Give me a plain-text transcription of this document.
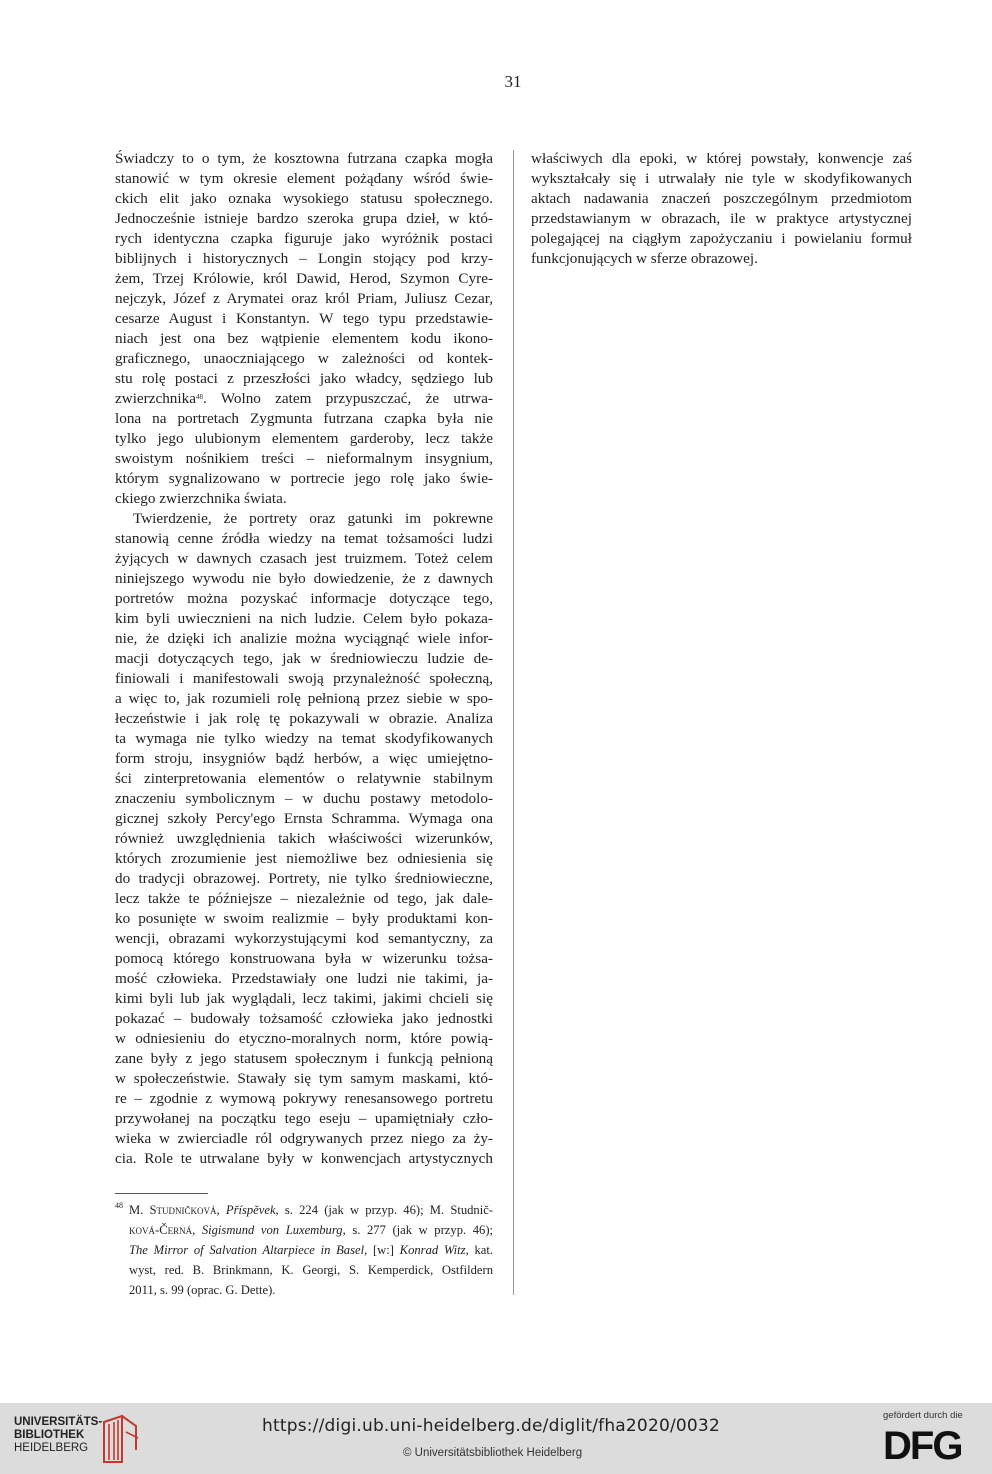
31
Świadczy to o tym, że kosztowna futrzana czapka mogła
stanowić w tym okresie element pożądany wśród świe-
ckich elit jako oznaka wysokiego statusu społecznego.
Jednocześnie istnieje bardzo szeroka grupa dzieł, w któ-
rych identyczna czapka figuruje jako wyróżnik postaci
biblijnych i historycznych – Longin stojący pod krzy-
żem, Trzej Królowie, król Dawid, Herod, Szymon Cyre-
nejczyk, Józef z Arymatei oraz król Priam, Juliusz Cezar,
cesarze August i Konstantyn. W tego typu przedstawie-
niach jest ona bez wątpienie elementem kodu ikono-
graficznego, unaoczniającego w zależności od kontek-
stu rolę postaci z przeszłości jako władcy, sędziego lub
zwierzchnika$^{48}$. Wolno zatem przypuszczać, że utrwa-
lona na portretach Zygmunta futrzana czapka była nie
tylko jego ulubionym elementem garderoby, lecz także
swoistym nośnikiem treści – nieformalnym insygnium,
którym sygnalizowano w portrecie jego rolę jako świe-
ckiego zwierzchnika świata.
Twierdzenie, że portrety oraz gatunki im pokrewne
stanowią cenne źródła wiedzy na temat tożsamości ludzi
żyjących w dawnych czasach jest truizmem. Toteż celem
niniejszego wywodu nie było dowiedzenie, że z dawnych
portretów można pozyskać informacje dotyczące tego,
kim byli uwiecznieni na nich ludzie. Celem było pokaza-
nie, że dzięki ich analizie można wyciągnąć wiele infor-
macji dotyczących tego, jak w średniowieczu ludzie de-
finiowali i manifestowali swoją przynależność społeczną,
a więc to, jak rozumieli rolę pełnioną przez siebie w spo-
łeczeństwie i jak rolę tę pokazywali w obrazie. Analiza
ta wymaga nie tylko wiedzy na temat skodyfikowanych
form stroju, insygniów bądź herbów, a więc umiejętno-
ści zinterpretowania elementów o relatywnie stabilnym
znaczeniu symbolicznym – w duchu postawy metodolo-
gicznej szkoły Percy'ego Ernsta Schramma. Wymaga ona
również uwzględnienia takich właściwości wizerunków,
których zrozumienie jest niemożliwe bez odniesienia się
do tradycji obrazowej. Portrety, nie tylko średniowieczne,
lecz także te późniejsze – niezależnie od tego, jak dale-
ko posunięte w swoim realizmie – były produktami kon-
wencji, obrazami wykorzystującymi kod semantyczny, za
pomocą którego konstruowana była w wizerunku tożsa-
mość człowieka. Przedstawiały one ludzi nie takimi, ja-
kimi byli lub jak wyglądali, lecz takimi, jakimi chcieli się
pokazać – budowały tożsamość człowieka jako jednostki
w odniesieniu do etyczno-moralnych norm, które powią-
zane były z jego statusem społecznym i funkcją pełnioną
w społeczeństwie. Stawały się tym samym maskami, któ-
re – zgodnie z wymową pokrywy renesansowego portretu
przywołanej na początku tego eseju – upamiętniały czło-
wieka w zwierciadle ról odgrywanych przez niego za ży-
cia. Role te utrwalane były w konwencjach artystycznych
właściwych dla epoki, w której powstały, konwencje zaś
wykształcały się i utrwalały nie tyle w skodyfikowanych
aktach nadawania znaczeń poszczególnym przedmiotom
przedstawianym w obrazach, ile w praktyce artystycznej
polegającej na ciągłym zapożyczaniu i powielaniu formuł
funkcjonujących w sferze obrazowej.
48 M. Studničková, Příspěvek, s. 224 (jak w przyp. 46); M. Studnič-
ková-Černá, Sigismund von Luxemburg, s. 277 (jak w przyp. 46);
The Mirror of Salvation Altarpiece in Basel, [w:] Konrad Witz, kat.
wyst, red. B. Brinkmann, K. Georgi, S. Kemperdick, Ostfildern
2011, s. 99 (oprac. G. Dette).
UNIVERSITÄTS-
BIBLIOTHEK
HEIDELBERG
https://digi.ub.uni-heidelberg.de/diglit/fha2020/0032
© Universitätsbibliothek Heidelberg
gefördert durch die
DFG
